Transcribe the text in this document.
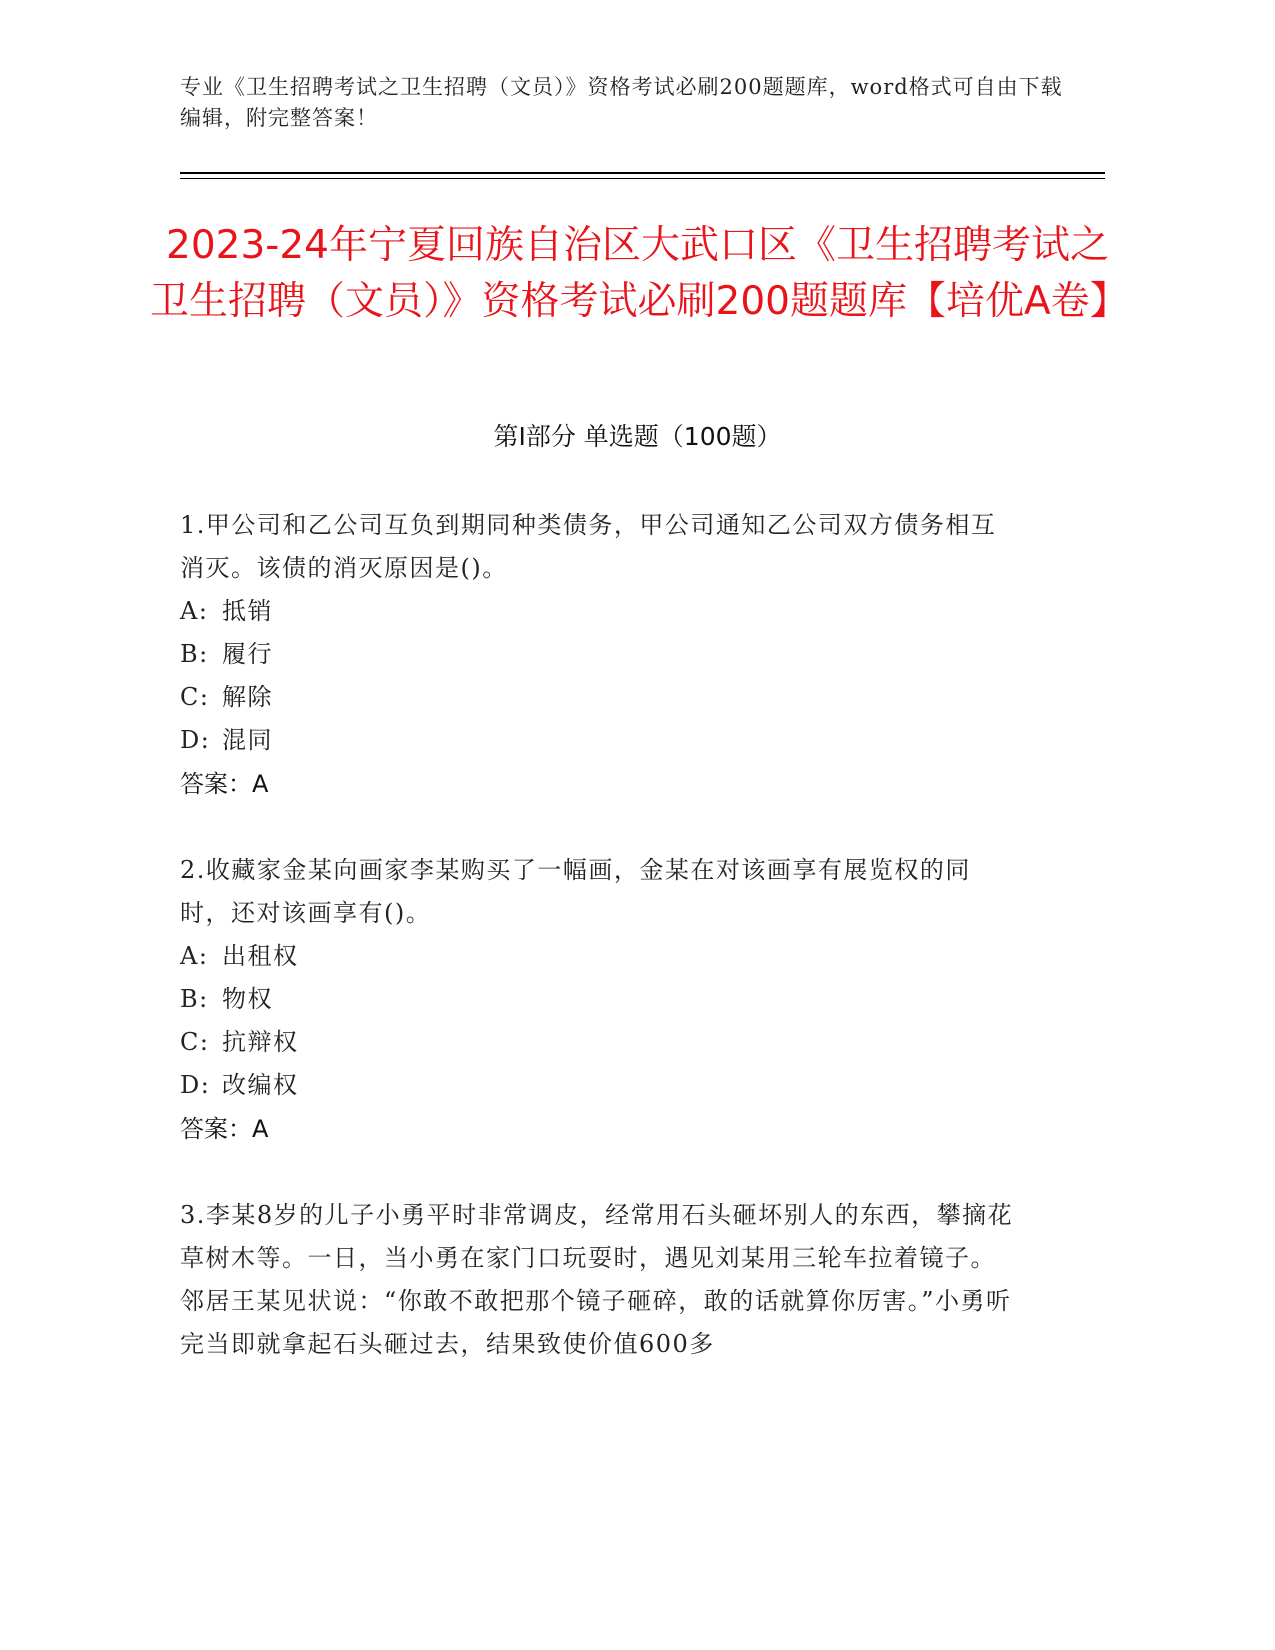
专业《卫生招聘考试之卫生招聘（文员）》资格考试必刷200题题库，word格式可自由下载编辑，附完整答案！
2023-24年宁夏回族自治区大武口区《卫生招聘考试之卫生招聘（文员）》资格考试必刷200题题库【培优A卷】
第I部分 单选题（100题）
1.甲公司和乙公司互负到期同种类债务，甲公司通知乙公司双方债务相互消灭。该债的消灭原因是()。
A: 抵销
B: 履行
C: 解除
D: 混同
答案：A
2.收藏家金某向画家李某购买了一幅画，金某在对该画享有展览权的同时，还对该画享有()。
A: 出租权
B: 物权
C: 抗辩权
D: 改编权
答案：A
3.李某8岁的儿子小勇平时非常调皮，经常用石头砸坏别人的东西，攀摘花草树木等。一日，当小勇在家门口玩耍时，遇见刘某用三轮车拉着镜子。邻居王某见状说：“你敢不敢把那个镜子砸碎，敢的话就算你厉害。”小勇听完当即就拿起石头砸过去，结果致使价值600多
